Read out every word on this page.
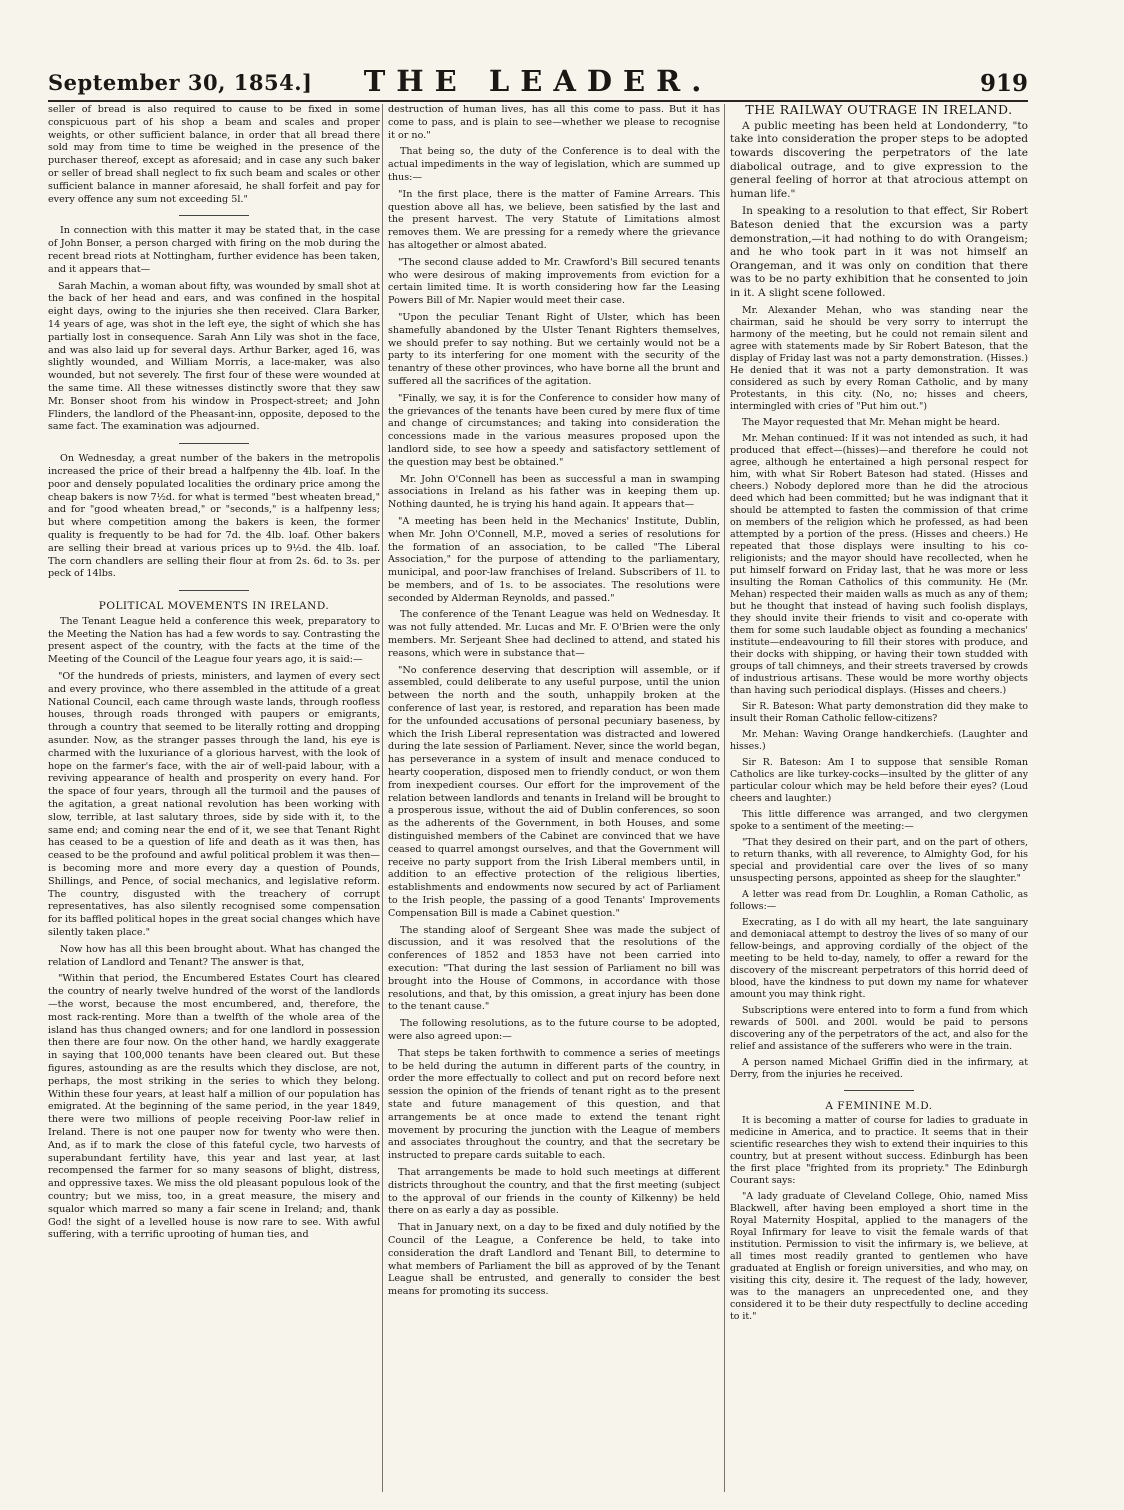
September 30, 1854.]	THE LEADER.	919

seller of bread is also required to cause to be fixed in some conspicuous part of his shop a beam and scales and proper weights, or other sufficient balance, in order that all bread there sold may from time to time be weighed in the presence of the purchaser thereof, except as aforesaid; and in case any such baker or seller of bread shall neglect to fix such beam and scales or other sufficient balance in manner aforesaid, he shall forfeit and pay for every offence any sum not exceeding 5l."

In connection with this matter it may be stated that, in the case of John Bonser, a person charged with firing on the mob during the recent bread riots at Nottingham, further evidence has been taken, and it appears that—

Sarah Machin, a woman about fifty, was wounded by small shot at the back of her head and ears, and was confined in the hospital eight days, owing to the injuries she then received. Clara Barker, 14 years of age, was shot in the left eye, the sight of which she has partially lost in consequence. Sarah Ann Lily was shot in the face, and was also laid up for several days. Arthur Barker, aged 16, was slightly wounded, and William Morris, a lace-maker, was also wounded, but not severely. The first four of these were wounded at the same time. All these witnesses distinctly swore that they saw Mr. Bonser shoot from his window in Prospect-street; and John Flinders, the landlord of the Pheasant-inn, opposite, deposed to the same fact. The examination was adjourned.

On Wednesday, a great number of the bakers in the metropolis increased the price of their bread a halfpenny the 4lb. loaf. In the poor and densely populated localities the ordinary price among the cheap bakers is now 7½d. for what is termed "best wheaten bread," and for "good wheaten bread," or "seconds," is a halfpenny less; but where competition among the bakers is keen, the former quality is frequently to be had for 7d. the 4lb. loaf. Other bakers are selling their bread at various prices up to 9½d. the 4lb. loaf. The corn chandlers are selling their flour at from 2s. 6d. to 3s. per peck of 14lbs.

POLITICAL MOVEMENTS IN IRELAND.

The Tenant League held a conference this week, preparatory to the Meeting the Nation has had a few words to say. Contrasting the present aspect of the country, with the facts at the time of the Meeting of the Council of the League four years ago, it is said:—

"Of the hundreds of priests, ministers, and laymen of every sect and every province, who there assembled in the attitude of a great National Council, each came through waste lands, through roofless houses, through roads thronged with paupers or emigrants, through a country that seemed to be literally rotting and dropping asunder. Now, as the stranger passes through the land, his eye is charmed with the luxuriance of a glorious harvest, with the look of hope on the farmer's face, with the air of well-paid labour, with a reviving appearance of health and prosperity on every hand. For the space of four years, through all the turmoil and the pauses of the agitation, a great national revolution has been working with slow, terrible, at last salutary throes, side by side with it, to the same end; and coming near the end of it, we see that Tenant Right has ceased to be a question of life and death as it was then, has ceased to be the profound and awful political problem it was then—is becoming more and more every day a question of Pounds, Shillings, and Pence, of social mechanics, and legislative reform. The country, disgusted with the treachery of corrupt representatives, has also silently recognised some compensation for its baffled political hopes in the great social changes which have silently taken place."

Now how has all this been brought about. What has changed the relation of Landlord and Tenant? The answer is that,

"Within that period, the Encumbered Estates Court has cleared the country of nearly twelve hundred of the worst of the landlords—the worst, because the most encumbered, and, therefore, the most rack-renting. More than a twelfth of the whole area of the island has thus changed owners; and for one landlord in possession then there are four now. On the other hand, we hardly exaggerate in saying that 100,000 tenants have been cleared out. But these figures, astounding as are the results which they disclose, are not, perhaps, the most striking in the series to which they belong. Within these four years, at least half a million of our population has emigrated. At the beginning of the same period, in the year 1849, there were two millions of people receiving Poor-law relief in Ireland. There is not one pauper now for twenty who were then. And, as if to mark the close of this fateful cycle, two harvests of superabundant fertility have, this year and last year, at last recompensed the farmer for so many seasons of blight, distress, and oppressive taxes. We miss the old pleasant populous look of the country; but we miss, too, in a great measure, the misery and squalor which marred so many a fair scene in Ireland; and, thank God! the sight of a levelled house is now rare to see. With awful suffering, with a terrific uprooting of human ties, and

destruction of human lives, has all this come to pass. But it has come to pass, and is plain to see—whether we please to recognise it or no."

That being so, the duty of the Conference is to deal with the actual impediments in the way of legislation, which are summed up thus:—

"In the first place, there is the matter of Famine Arrears. This question above all has, we believe, been satisfied by the last and the present harvest. The very Statute of Limitations almost removes them. We are pressing for a remedy where the grievance has altogether or almost abated.

"The second clause added to Mr. Crawford's Bill secured tenants who were desirous of making improvements from eviction for a certain limited time. It is worth considering how far the Leasing Powers Bill of Mr. Napier would meet their case.

"Upon the peculiar Tenant Right of Ulster, which has been shamefully abandoned by the Ulster Tenant Righters themselves, we should prefer to say nothing. But we certainly would not be a party to its interfering for one moment with the security of the tenantry of these other provinces, who have borne all the brunt and suffered all the sacrifices of the agitation.

"Finally, we say, it is for the Conference to consider how many of the grievances of the tenants have been cured by mere flux of time and change of circumstances; and taking into consideration the concessions made in the various measures proposed upon the landlord side, to see how a speedy and satisfactory settlement of the question may best be obtained."

Mr. John O'Connell has been as successful a man in swamping associations in Ireland as his father was in keeping them up. Nothing daunted, he is trying his hand again. It appears that—

"A meeting has been held in the Mechanics' Institute, Dublin, when Mr. John O'Connell, M.P., moved a series of resolutions for the formation of an association, to be called "The Liberal Association," for the purpose of attending to the parliamentary, municipal, and poor-law franchises of Ireland. Subscribers of 1l. to be members, and of 1s. to be associates. The resolutions were seconded by Alderman Reynolds, and passed."

The conference of the Tenant League was held on Wednesday. It was not fully attended. Mr. Lucas and Mr. F. O'Brien were the only members. Mr. Serjeant Shee had declined to attend, and stated his reasons, which were in substance that—

"No conference deserving that description will assemble, or if assembled, could deliberate to any useful purpose, until the union between the north and the south, unhappily broken at the conference of last year, is restored, and reparation has been made for the unfounded accusations of personal pecuniary baseness, by which the Irish Liberal representation was distracted and lowered during the late session of Parliament. Never, since the world began, has perseverance in a system of insult and menace conduced to hearty cooperation, disposed men to friendly conduct, or won them from inexpedient courses. Our effort for the improvement of the relation between landlords and tenants in Ireland will be brought to a prosperous issue, without the aid of Dublin conferences, so soon as the adherents of the Government, in both Houses, and some distinguished members of the Cabinet are convinced that we have ceased to quarrel amongst ourselves, and that the Government will receive no party support from the Irish Liberal members until, in addition to an effective protection of the religious liberties, establishments and endowments now secured by act of Parliament to the Irish people, the passing of a good Tenants' Improvements Compensation Bill is made a Cabinet question."

The standing aloof of Sergeant Shee was made the subject of discussion, and it was resolved that the resolutions of the conferences of 1852 and 1853 have not been carried into execution: "That during the last session of Parliament no bill was brought into the House of Commons, in accordance with those resolutions, and that, by this omission, a great injury has been done to the tenant cause."

The following resolutions, as to the future course to be adopted, were also agreed upon:—

That steps be taken forthwith to commence a series of meetings to be held during the autumn in different parts of the country, in order the more effectually to collect and put on record before next session the opinion of the friends of tenant right as to the present state and future management of this question, and that arrangements be at once made to extend the tenant right movement by procuring the junction with the League of members and associates throughout the country, and that the secretary be instructed to prepare cards suitable to each.

That arrangements be made to hold such meetings at different districts throughout the country, and that the first meeting (subject to the approval of our friends in the county of Kilkenny) be held there on as early a day as possible.

That in January next, on a day to be fixed and duly notified by the Council of the League, a Conference be held, to take into consideration the draft Landlord and Tenant Bill, to determine to what members of Parliament the bill as approved of by the Tenant League shall be entrusted, and generally to consider the best means for promoting its success.

THE RAILWAY OUTRAGE IN IRELAND.

A public meeting has been held at Londonderry, "to take into consideration the proper steps to be adopted towards discovering the perpetrators of the late diabolical outrage, and to give expression to the general feeling of horror at that atrocious attempt on human life."

In speaking to a resolution to that effect, Sir Robert Bateson denied that the excursion was a party demonstration,—it had nothing to do with Orangeism; and he who took part in it was not himself an Orangeman, and it was only on condition that there was to be no party exhibition that he consented to join in it. A slight scene followed.

Mr. Alexander Mehan, who was standing near the chairman, said he should be very sorry to interrupt the harmony of the meeting, but he could not remain silent and agree with statements made by Sir Robert Bateson, that the display of Friday last was not a party demonstration. (Hisses.) He denied that it was not a party demonstration. It was considered as such by every Roman Catholic, and by many Protestants, in this city. (No, no; hisses and cheers, intermingled with cries of "Put him out.")

The Mayor requested that Mr. Mehan might be heard.

Mr. Mehan continued: If it was not intended as such, it had produced that effect—(hisses)—and therefore he could not agree, although he entertained a high personal respect for him, with what Sir Robert Bateson had stated. (Hisses and cheers.) Nobody deplored more than he did the atrocious deed which had been committed; but he was indignant that it should be attempted to fasten the commission of that crime on members of the religion which he professed, as had been attempted by a portion of the press. (Hisses and cheers.) He repeated that those displays were insulting to his co-religionists; and the mayor should have recollected, when he put himself forward on Friday last, that he was more or less insulting the Roman Catholics of this community. He (Mr. Mehan) respected their maiden walls as much as any of them; but he thought that instead of having such foolish displays, they should invite their friends to visit and co-operate with them for some such laudable object as founding a mechanics' institute—endeavouring to fill their stores with produce, and their docks with shipping, or having their town studded with groups of tall chimneys, and their streets traversed by crowds of industrious artisans. These would be more worthy objects than having such periodical displays. (Hisses and cheers.)

Sir R. Bateson: What party demonstration did they make to insult their Roman Catholic fellow-citizens?

Mr. Mehan: Waving Orange handkerchiefs. (Laughter and hisses.)

Sir R. Bateson: Am I to suppose that sensible Roman Catholics are like turkey-cocks—insulted by the glitter of any particular colour which may be held before their eyes? (Loud cheers and laughter.)

This little difference was arranged, and two clergymen spoke to a sentiment of the meeting:—

"That they desired on their part, and on the part of others, to return thanks, with all reverence, to Almighty God, for his special and providential care over the lives of so many unsuspecting persons, appointed as sheep for the slaughter."

A letter was read from Dr. Loughlin, a Roman Catholic, as follows:—

Execrating, as I do with all my heart, the late sanguinary and demoniacal attempt to destroy the lives of so many of our fellow-beings, and approving cordially of the object of the meeting to be held to-day, namely, to offer a reward for the discovery of the miscreant perpetrators of this horrid deed of blood, have the kindness to put down my name for whatever amount you may think right.

Subscriptions were entered into to form a fund from which rewards of 500l. and 200l. would be paid to persons discovering any of the perpetrators of the act, and also for the relief and assistance of the sufferers who were in the train.

A person named Michael Griffin died in the infirmary, at Derry, from the injuries he received.

A FEMININE M.D.

It is becoming a matter of course for ladies to graduate in medicine in America, and to practice. It seems that in their scientific researches they wish to extend their inquiries to this country, but at present without success. Edinburgh has been the first place "frighted from its propriety." The Edinburgh Courant says:

"A lady graduate of Cleveland College, Ohio, named Miss Blackwell, after having been employed a short time in the Royal Maternity Hospital, applied to the managers of the Royal Infirmary for leave to visit the female wards of that institution. Permission to visit the infirmary is, we believe, at all times most readily granted to gentlemen who have graduated at English or foreign universities, and who may, on visiting this city, desire it. The request of the lady, however, was to the managers an unprecedented one, and they considered it to be their duty respectfully to decline acceding to it."
